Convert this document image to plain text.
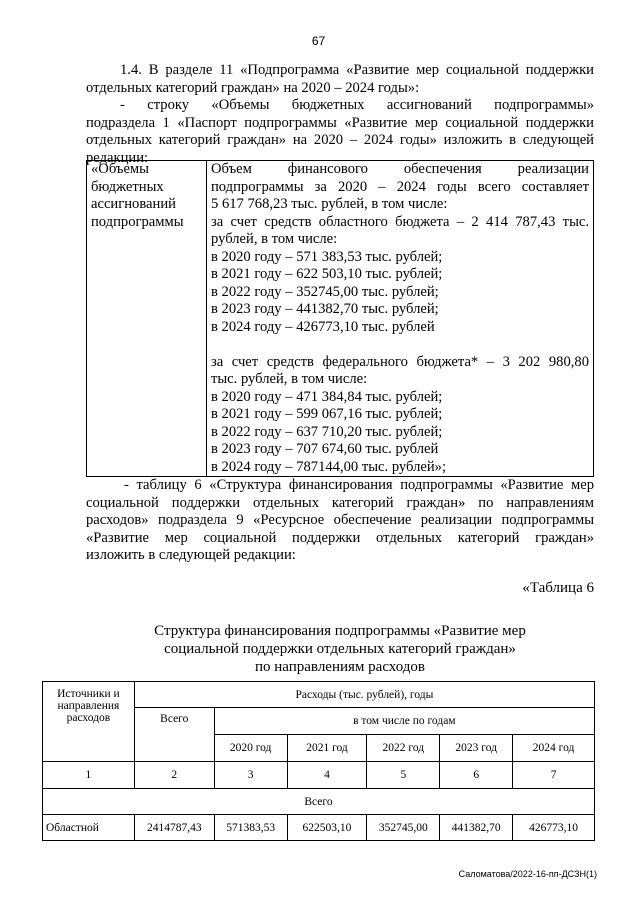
67
1.4. В разделе 11 «Подпрограмма «Развитие мер социальной поддержки
отдельных категорий граждан» на 2020 – 2024 годы»:
- строку «Объемы бюджетных ассигнований подпрограммы»
подраздела 1 «Паспорт подпрограммы «Развитие мер социальной поддержки
отдельных категорий граждан» на 2020 – 2024 годы» изложить в следующей
редакции:
«Объемы
бюджетных
ассигнований
подпрограммы

Объем финансового обеспечения реализации
подпрограммы за 2020 – 2024 годы всего составляет
5 617 768,23 тыс. рублей, в том числе:
за счет средств областного бюджета – 2 414 787,43 тыс.
рублей, в том числе:
в 2020 году – 571 383,53 тыс. рублей;
в 2021 году – 622 503,10 тыс. рублей;
в 2022 году – 352745,00 тыс. рублей;
в 2023 году – 441382,70 тыс. рублей;
в 2024 году – 426773,10 тыс. рублей
за счет средств федерального бюджета* – 3 202 980,80
тыс. рублей, в том числе:
в 2020 году – 471 384,84 тыс. рублей;
в 2021 году – 599 067,16 тыс. рублей;
в 2022 году – 637 710,20 тыс. рублей;
в 2023 году – 707 674,60 тыс. рублей
в 2024 году – 787144,00 тыс. рублей»;
- таблицу 6 «Структура финансирования подпрограммы «Развитие мер
социальной поддержки отдельных категорий граждан» по направлениям
расходов» подраздела 9 «Ресурсное обеспечение реализации подпрограммы
«Развитие мер социальной поддержки отдельных категорий граждан»
изложить в следующей редакции:
«Таблица 6
Структура финансирования подпрограммы «Развитие мер
социальной поддержки отдельных категорий граждан»
по направлениям расходов
Источники и направления расходов	Расходы (тыс. рублей), годы					
	Всего	в том числе по годам				
		2020 год	2021 год	2022 год	2023 год	2024 год
1	2	3	4	5	6	7
Всего						
Областной	2414787,43	571383,53	622503,10	352745,00	441382,70	426773,10
Саломатова/2022-16-пп-ДСЗН(1)
